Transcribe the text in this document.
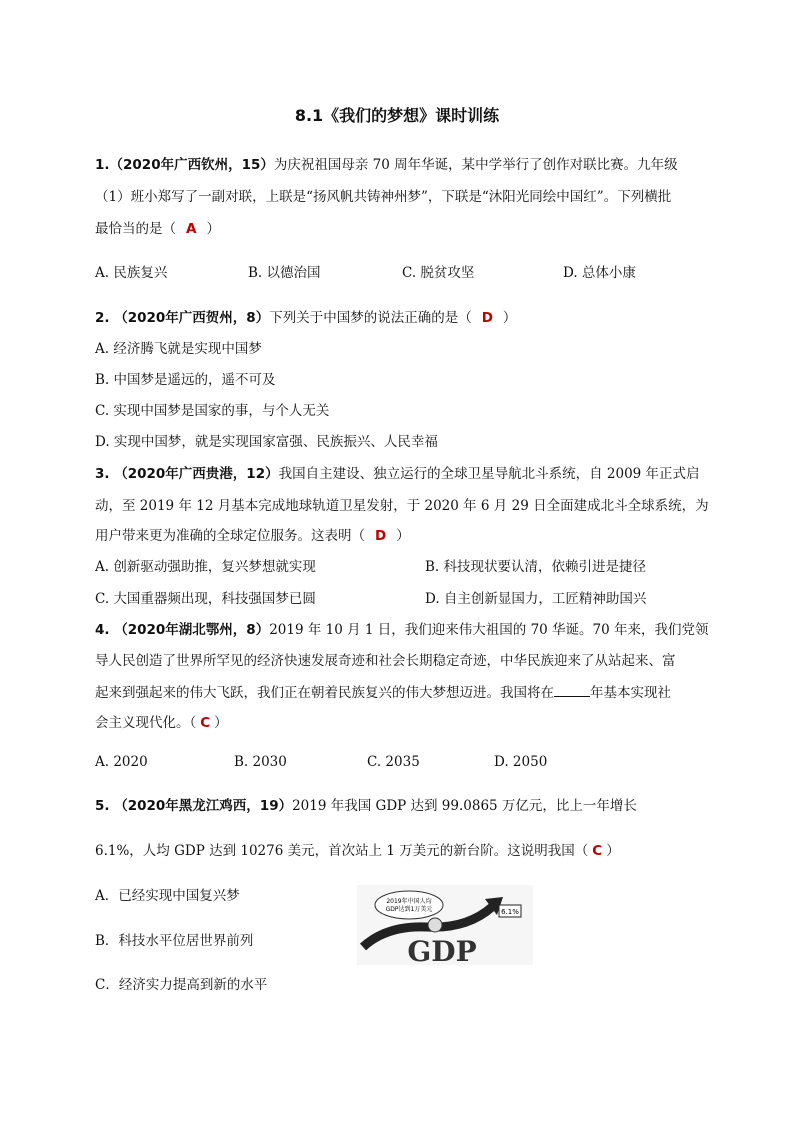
8.1《我们的梦想》课时训练
1.（2020年广西钦州，15）为庆祝祖国母亲 70 周年华诞，某中学举行了创作对联比赛。九年级
（1）班小郑写了一副对联，上联是“扬风帆共铸神州梦”，下联是“沐阳光同绘中国红”。下列横批
最恰当的是（ A ）
A. 民族复兴	B. 以德治国	C. 脱贫攻坚	D. 总体小康
2. （2020年广西贺州，8）下列关于中国梦的说法正确的是（ D ）
A. 经济腾飞就是实现中国梦
B. 中国梦是遥远的，遥不可及
C. 实现中国梦是国家的事，与个人无关
D. 实现中国梦，就是实现国家富强、民族振兴、人民幸福
3. （2020年广西贵港，12）我国自主建设、独立运行的全球卫星导航北斗系统，自 2009 年正式启
动，至 2019 年 12 月基本完成地球轨道卫星发射，于 2020 年 6 月 29 日全面建成北斗全球系统，为
用户带来更为准确的全球定位服务。这表明（ D ）
A. 创新驱动强助推，复兴梦想就实现	B. 科技现状要认清，依赖引进是捷径
C. 大国重器频出现，科技强国梦已圆	D. 自主创新显国力，工匠精神助国兴
4. （2020年湖北鄂州，8）2019 年 10 月 1 日，我们迎来伟大祖国的 70 华诞。70 年来，我们党领
导人民创造了世界所罕见的经济快速发展奇迹和社会长期稳定奇迹，中华民族迎来了从站起来、富
起来到强起来的伟大飞跃，我们正在朝着民族复兴的伟大梦想迈进。我国将在	年基本实现社
会主义现代化。（ C ）
A. 2020	B. 2030	C. 2035	D. 2050
5. （2020年黑龙江鸡西，19）2019 年我国 GDP 达到 99.0865 万亿元，比上一年增长
6.1%，人均 GDP 达到 10276 美元，首次站上 1 万美元的新台阶。这说明我国（ C ）
A．已经实现中国复兴梦
B．科技水平位居世界前列
C．经济实力提高到新的水平
6.1%
2019年中国人均
GDP达到1万美元
GDP
